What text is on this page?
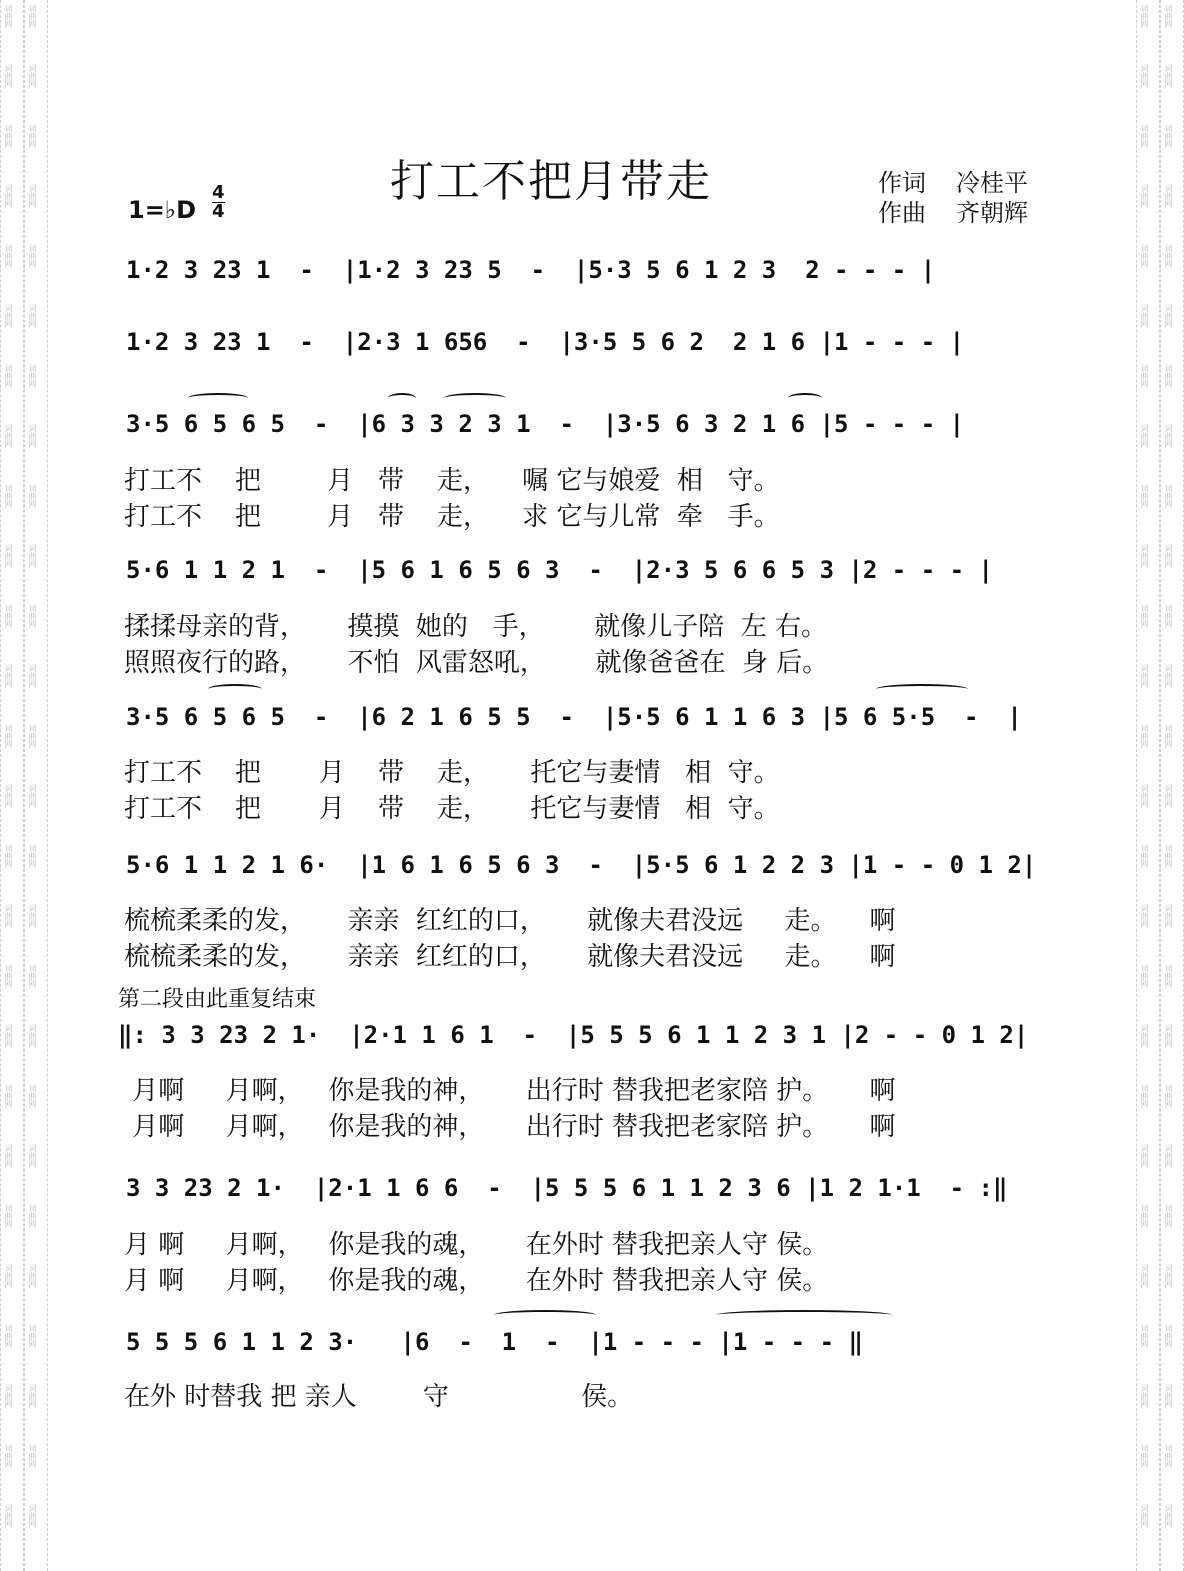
词曲网
词曲网
词曲网
词曲网
词曲网
词曲网
词曲网
词曲网
词曲网
词曲网
词曲网
词曲网
词曲网
词曲网
词曲网
词曲网
词曲网
词曲网
词曲网
词曲网
词曲网
词曲网
词曲网
词曲网
词曲网
词曲网
词曲网
词曲网
词曲网
词曲网
词曲网
词曲网
词曲网
词曲网
词曲网
词曲网
词曲网
词曲网
词曲网
词曲网
词曲网
词曲网
词曲网
词曲网
词曲网
词曲网
词曲网
词曲网
词曲网
词曲网
词曲网
词曲网
词曲网
词曲网
词曲网
词曲网
词曲网
词曲网
词曲网
词曲网
词曲网
词曲网
词曲网
词曲网
词曲网
词曲网
词曲网
词曲网
词曲网
词曲网
词曲网
词曲网
词曲网
词曲网
词曲网
词曲网
词曲网
词曲网
词曲网
词曲网
词曲网
词曲网
词曲网
词曲网
词曲网
词曲网
词曲网
词曲网
词曲网
词曲网
词曲网
词曲网
词曲网
词曲网
词曲网
词曲网
词曲网
词曲网
词曲网
词曲网
词曲网
词曲网
词曲网
词曲网
打工不把月带走	作词 冷桂平
作曲 齐朝辉
1=♭D
4
4
1·2 3 23 1  -  |1·2 3 23 5  -  |5·3 5 6 1 2 3  2 - - - |
1·2 3 23 1  -  |2·3 1 656  -  |3·5 5 6 2  2 1 6 |1 - - - |
3·5 6 5 6 5  -  |6 3 3 2 3 1  -  |3·5 6 3 2 1 6 |5 - - - |
打工不    把        月   带    走，    嘱 它与娘爱  相   守。
打工不    把        月   带    走，    求 它与儿常  牵   手。
5·6 1 1 2 1  -  |5 6 1 6 5 6 3  -  |2·3 5 6 6 5 3 |2 - - - |
揉揉母亲的背，     摸摸  她的   手，      就像儿子陪  左 右。
照照夜行的路，     不怕  风雷怒吼，      就像爸爸在  身 后。
3·5 6 5 6 5  -  |6 2 1 6 5 5  -  |5·5 6 1 1 6 3 |5 6 5·5  -  |
打工不    把       月    带    走，     托它与妻情   相  守。
打工不    把       月    带    走，     托它与妻情   相  守。
5·6 1 1 2 1 6·  |1 6 1 6 5 6 3  -  |5·5 6 1 2 2 3 |1 - - 0 1 2|
梳梳柔柔的发，     亲亲  红红的口，     就像夫君没远     走。    啊
梳梳柔柔的发，     亲亲  红红的口，     就像夫君没远     走。    啊
第二段由此重复结束
‖: 3 3 23 2 1·  |2·1 1 6 1  -  |5 5 5 6 1 1 2 3 1 |2 - - 0 1 2|
月啊     月啊，   你是我的神，     出行时 替我把老家陪 护。     啊
月啊     月啊，   你是我的神，     出行时 替我把老家陪 护。     啊
3 3 23 2 1·  |2·1 1 6 6  -  |5 5 5 6 1 1 2 3 6 |1 2 1·1  - :‖
月 啊     月啊，   你是我的魂，     在外时 替我把亲人守 侯。
月 啊     月啊，   你是我的魂，     在外时 替我把亲人守 侯。
5 5 5 6 1 1 2 3·   |6  -  1  -  |1 - - - |1 - - - ‖
在外 时替我 把 亲人        守                侯。
